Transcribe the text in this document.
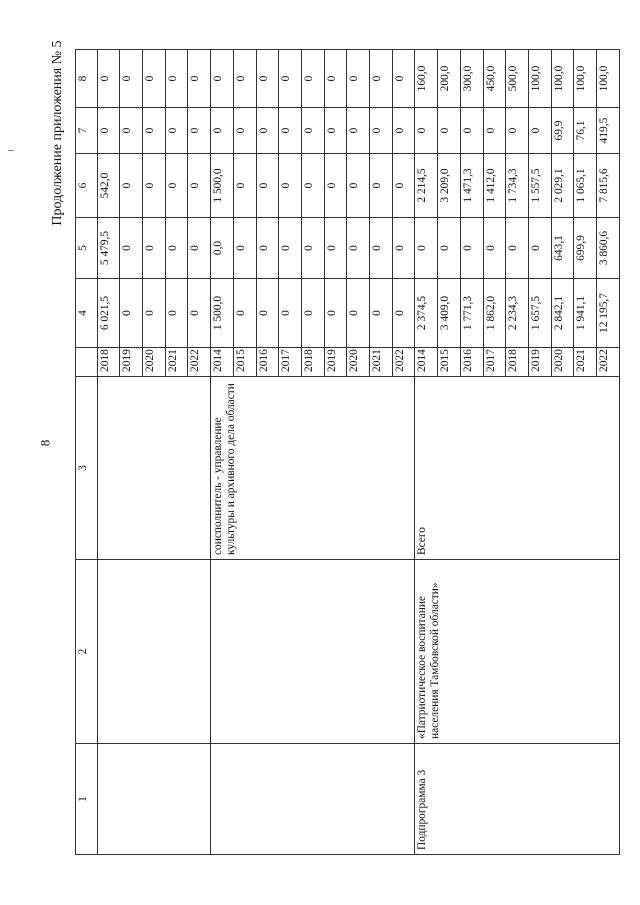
8
Продолжение приложения № 5
1	2	3		4	5	6	7	8
			2018	6 021,5	5 479,5	542,0	0	0
			2019	0	0	0	0	0
			2020	0	0	0	0	0
			2021	0	0	0	0	0
			2022	0	0	0	0	0
		соисполнитель - управление культуры и архивного дела области	2014	1 500,0	0,0	1 500,0	0	0
			2015	0	0	0	0	0
			2016	0	0	0	0	0
			2017	0	0	0	0	0
			2018	0	0	0	0	0
			2019	0	0	0	0	0
			2020	0	0	0	0	0
			2021	0	0	0	0	0
			2022	0	0	0	0	0
Подпрограмма 3	«Патриотическое воспитание населения Тамбовской области»	Всего	2014	2 374,5	0	2 214,5	0	160,0
			2015	3 409,0	0	3 209,0	0	200,0
			2016	1 771,3	0	1 471,3	0	300,0
			2017	1 862,0	0	1 412,0	0	450,0
			2018	2 234,3	0	1 734,3	0	500,0
			2019	1 657,5	0	1 557,5	0	100,0
			2020	2 842,1	643,1	2 029,1	69,9	100,0
			2021	1 941,1	699,9	1 065,1	76,1	100,0
			2022	12 195,7	3 860,6	7 815,6	419,5	100,0
